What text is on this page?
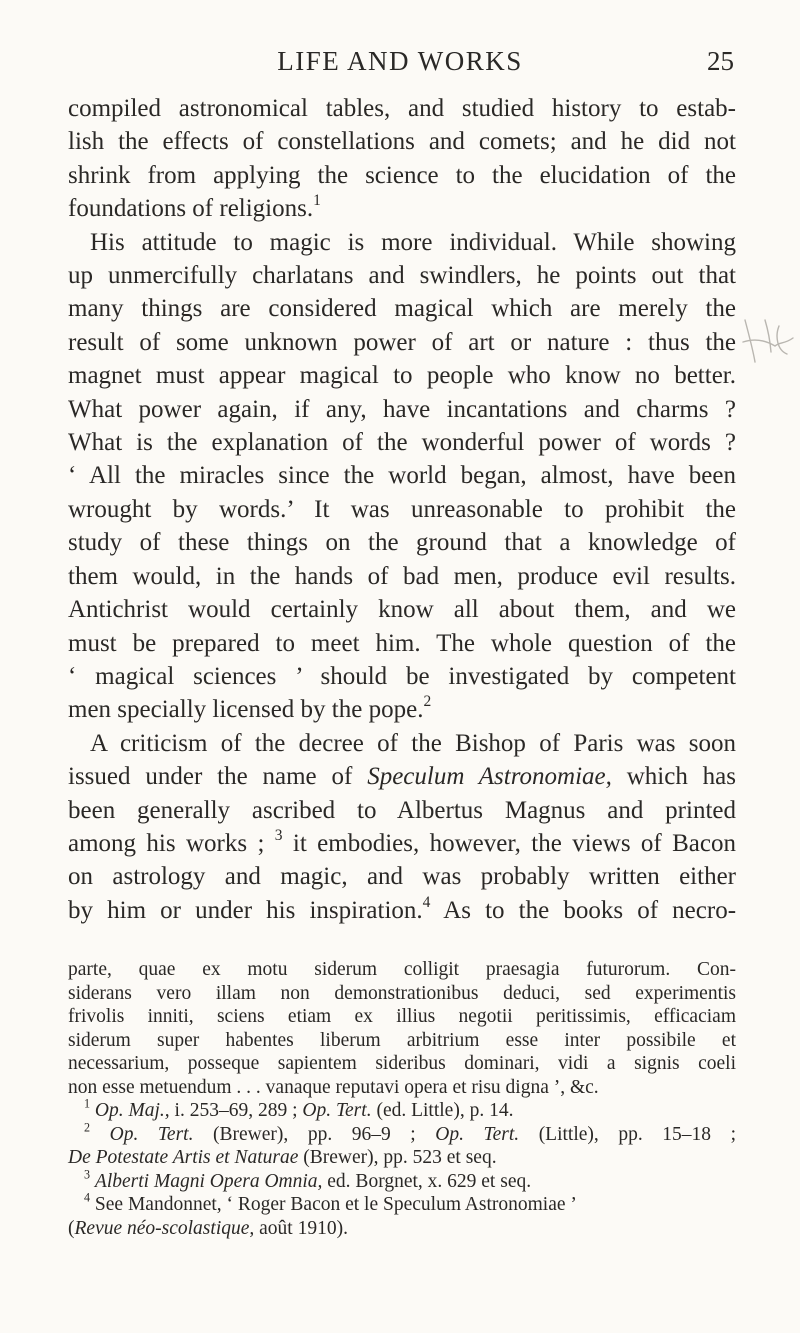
LIFE AND WORKS	25
compiled astronomical tables, and studied history to estab-
lish the effects of constellations and comets; and he did not
shrink from applying the science to the elucidation of the
foundations of religions.$^1$
His attitude to magic is more individual. While showing
up unmercifully charlatans and swindlers, he points out that
many things are considered magical which are merely the
result of some unknown power of art or nature : thus the
magnet must appear magical to people who know no better.
What power again, if any, have incantations and charms ?
What is the explanation of the wonderful power of words ?
‘ All the miracles since the world began, almost, have been
wrought by words.’ It was unreasonable to prohibit the
study of these things on the ground that a knowledge of
them would, in the hands of bad men, produce evil results.
Antichrist would certainly know all about them, and we
must be prepared to meet him. The whole question of the
‘ magical sciences ’ should be investigated by competent
men specially licensed by the pope.$^2$
A criticism of the decree of the Bishop of Paris was soon
issued under the name of Speculum Astronomiae, which has
been generally ascribed to Albertus Magnus and printed
among his works ; $^3$ it embodies, however, the views of Bacon
on astrology and magic, and was probably written either
by him or under his inspiration.$^4$ As to the books of necro-
parte, quae ex motu siderum colligit praesagia futurorum. Con-
siderans vero illam non demonstrationibus deduci, sed experimentis
frivolis inniti, sciens etiam ex illius negotii peritissimis, efficaciam
siderum super habentes liberum arbitrium esse inter possibile et
necessarium, posseque sapientem sideribus dominari, vidi a signis coeli
non esse metuendum . . . vanaque reputavi opera et risu digna ’, &c.
$^1$ Op. Maj., i. 253–69, 289 ; Op. Tert. (ed. Little), p. 14.
$^2$ Op. Tert. (Brewer), pp. 96–9 ; Op. Tert. (Little), pp. 15–18 ;
De Potestate Artis et Naturae (Brewer), pp. 523 et seq.
$^3$ Alberti Magni Opera Omnia, ed. Borgnet, x. 629 et seq.
$^4$ See Mandonnet, ‘ Roger Bacon et le Speculum Astronomiae ’
(Revue néo-scolastique, août 1910).
